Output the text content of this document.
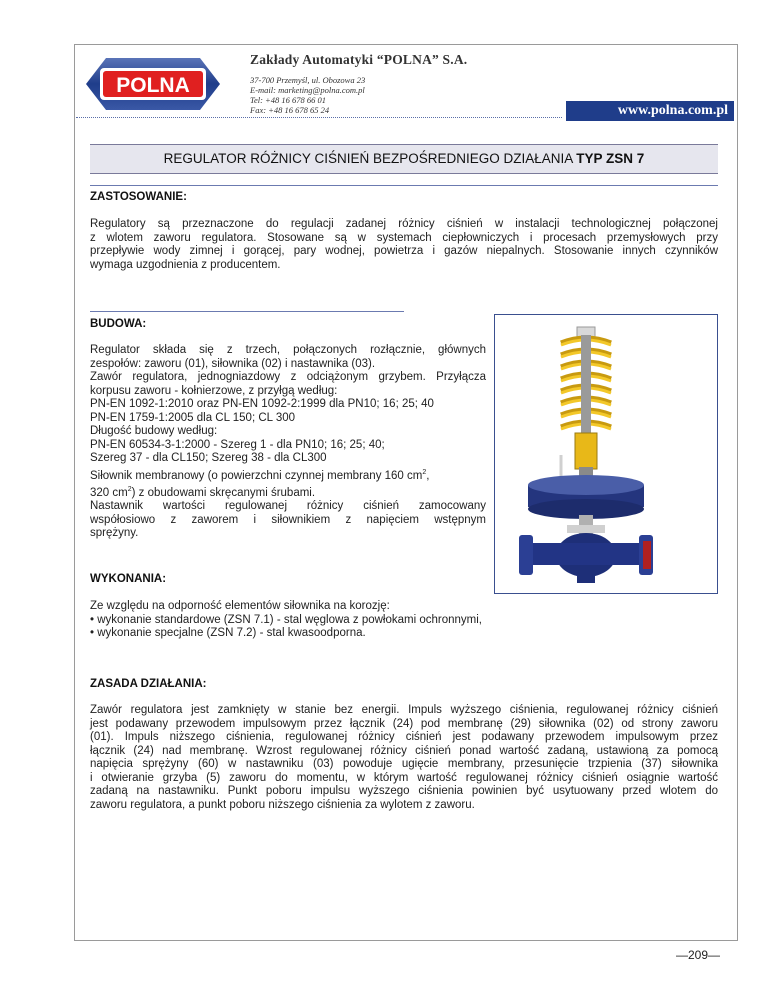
POLNA
Zakłady Automatyki “POLNA” S.A.
37-700 Przemyśl, ul. Obozowa 23
E-mail: marketing@polna.com.pl
Tel: +48 16 678 66 01
Fax: +48 16 678 65 24	www.polna.com.pl
REGULATOR RÓŻNICY CIŚNIEŃ BEZPOŚREDNIEGO DZIAŁANIA TYP ZSN 7
ZASTOSOWANIE:
Regulatory są przeznaczone do regulacji zadanej różnicy ciśnień w instalacji technologicznej połączonej
z wlotem zaworu regulatora. Stosowane są w systemach ciepłowniczych i procesach przemysłowych przy
przepływie wody zimnej i gorącej, pary wodnej, powietrza i gazów niepalnych. Stosowanie innych czynników
wymaga uzgodnienia z producentem.
BUDOWA:
Regulator składa się z trzech, połączonych rozłącznie, głównych
zespołów: zaworu (01), siłownika (02) i nastawnika (03).
Zawór regulatora, jednogniazdowy z odciążonym grzybem. Przyłącza
korpusu zaworu - kołnierzowe, z przyłgą według:
PN-EN 1092-1:2010 oraz PN-EN 1092-2:1999 dla PN10; 16; 25; 40
PN-EN 1759-1:2005 dla CL 150; CL 300
Długość budowy według:
PN-EN 60534-3-1:2000 - Szereg 1 - dla PN10; 16; 25; 40;
Szereg 37 - dla CL150; Szereg 38 - dla CL300
Siłownik membranowy (o powierzchni czynnej membrany 160 $cm^2$,
320 $cm^2$) z obudowami skręcanymi śrubami.
Nastawnik wartości regulowanej różnicy ciśnień zamocowany
współosiowo z zaworem i siłownikiem z napięciem wstępnym
sprężyny.
WYKONANIA:
Ze względu na odporność elementów siłownika na korozję:
• wykonanie standardowe (ZSN 7.1) - stal węglowa z powłokami ochronnymi,
• wykonanie specjalne (ZSN 7.2) - stal kwasoodporna.
ZASADA DZIAŁANIA:
Zawór regulatora jest zamknięty w stanie bez energii. Impuls wyższego ciśnienia, regulowanej różnicy ciśnień
jest podawany przewodem impulsowym przez łącznik (24) pod membranę (29) siłownika (02) od strony zaworu
(01). Impuls niższego ciśnienia, regulowanej różnicy ciśnień jest podawany przewodem impulsowym przez
łącznik (24) nad membranę. Wzrost regulowanej różnicy ciśnień ponad wartość zadaną, ustawioną za pomocą
napięcia sprężyny (60) w nastawniku (03) powoduje ugięcie membrany, przesunięcie trzpienia (37) siłownika
i otwieranie grzyba (5) zaworu do momentu, w którym wartość regulowanej różnicy ciśnień osiągnie wartość
zadaną na nastawniku. Punkt poboru impulsu wyższego ciśnienia powinien być usytuowany przed wlotem do
zaworu regulatora, a punkt poboru niższego ciśnienia za wylotem z zaworu.
—209—
